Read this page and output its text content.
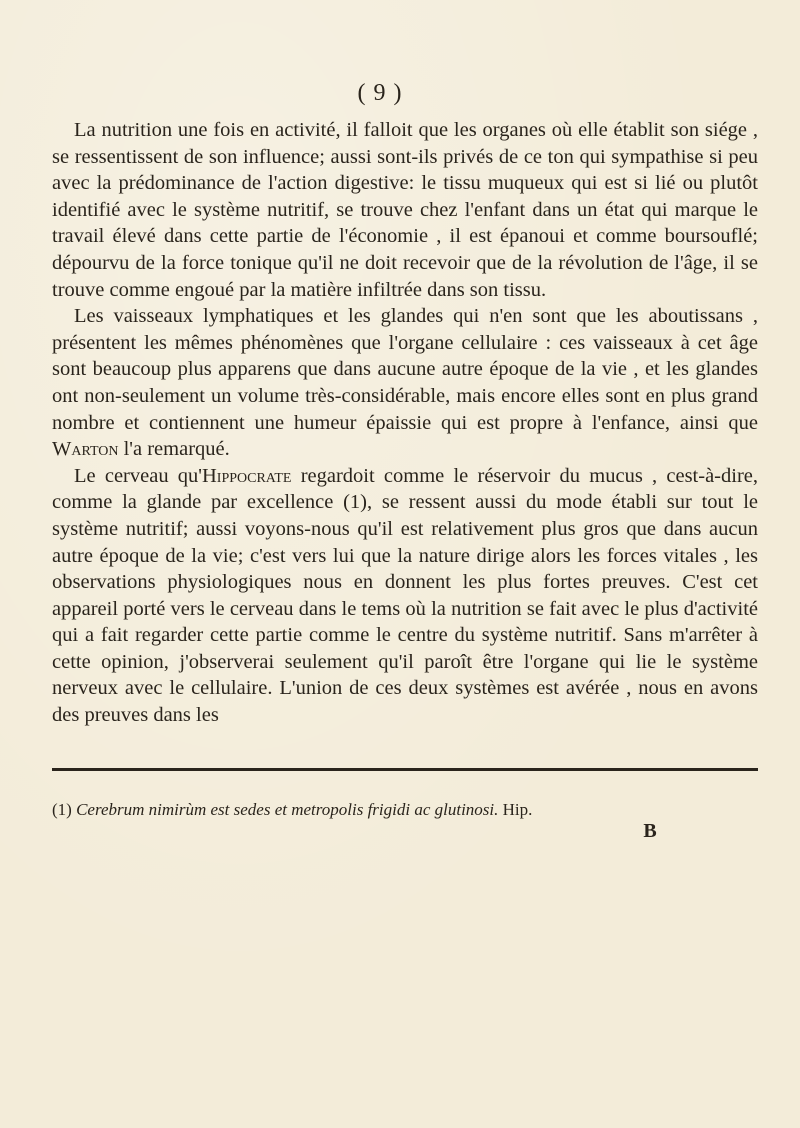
( 9 )

La nutrition une fois en activité, il falloit que les organes où elle établit son siége , se ressentissent de son influence; aussi sont-ils privés de ce ton qui sympathise si peu avec la prédominance de l'action digestive: le tissu muqueux qui est si lié ou plutôt identifié avec le système nutritif, se trouve chez l'enfant dans un état qui marque le travail élevé dans cette partie de l'économie , il est épanoui et comme boursouflé; dépourvu de la force tonique qu'il ne doit recevoir que de la révolution de l'âge, il se trouve comme engoué par la matière infiltrée dans son tissu.

Les vaisseaux lymphatiques et les glandes qui n'en sont que les aboutissans , présentent les mêmes phénomènes que l'organe cellulaire : ces vaisseaux à cet âge sont beaucoup plus apparens que dans aucune autre époque de la vie , et les glandes ont non-seulement un volume très-considérable, mais encore elles sont en plus grand nombre et contiennent une humeur épaissie qui est propre à l'enfance, ainsi que Warton l'a remarqué.

Le cerveau qu'Hippocrate regardoit comme le réservoir du mucus , cest-à-dire, comme la glande par excellence (1), se ressent aussi du mode établi sur tout le système nutritif; aussi voyons-nous qu'il est relativement plus gros que dans aucun autre époque de la vie; c'est vers lui que la nature dirige alors les forces vitales , les observations physiologiques nous en donnent les plus fortes preuves. C'est cet appareil porté vers le cerveau dans le tems où la nutrition se fait avec le plus d'activité qui a fait regarder cette partie comme le centre du système nutritif. Sans m'arrêter à cette opinion, j'observerai seulement qu'il paroît être l'organe qui lie le système nerveux avec le cellulaire. L'union de ces deux systèmes est avérée , nous en avons des preuves dans les

(1) Cerebrum nimirùm est sedes et metropolis frigidi ac glutinosi. Hip.
B
